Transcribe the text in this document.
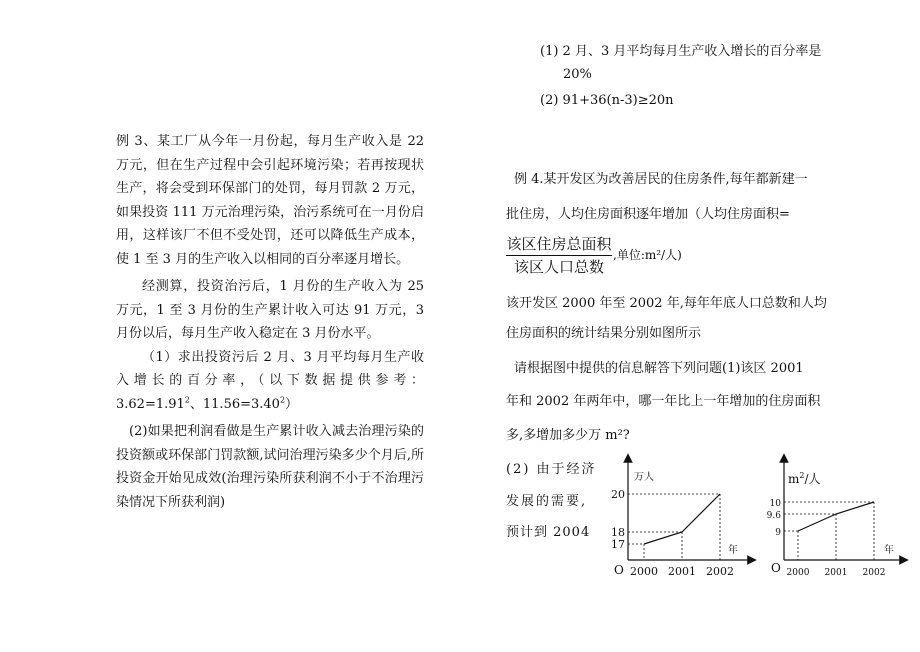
例 3、某工厂从今年一月份起，每月生产收入是 22 万元，但在生产过程中会引起环境污染；若再按现状生产，将会受到环保部门的处罚，每月罚款 2 万元，如果投资 111 万元治理污染，治污系统可在一月份启用，这样该厂不但不受处罚，还可以降低生产成本，使 1 至 3 月的生产收入以相同的百分率逐月增长。

经测算，投资治污后，1 月份的生产收入为 25 万元，1 至 3 月份的生产累计收入可达 91 万元，3 月份以后，每月生产收入稳定在 3 月份水平。

（1）求出投资污后 2 月、3 月平均每月生产收入增长的百分率，（以下数据提供参考：$3.62=1.91^2$、$11.56=3.40^2$）

(2)如果把利润看做是生产累计收入减去治理污染的投资额或环保部门罚款额,试问治理污染多少个月后,所投资金开始见成效(治理污染所获利润不小于不治理污染情况下所获利润)

(1) 2 月、3 月平均每月生产收入增长的百分率是
20%
(2) 91+36(n-3)≥20n
例 4.某开发区为改善居民的住房条件,每年都新建一
批住房，人均住房面积逐年增加（人均住房面积=
该区住房总面积
该区人口总数
,单位:m²/人)
该开发区 2000 年至 2002 年,每年年底人口总数和人均
住房面积的统计结果分别如图所示
请根据图中提供的信息解答下列问题(1)该区 2001
年和 2002 年两年中，哪一年比上一年增加的住房面积
多,多增加多少万 m²?
(2) 由于经济
发展的需要,
预计到 2004
17
18
20
2000 2001 2002
万人
年
O
9
9.6
10
2000 2001 2002
$m^2/$人
年
O
